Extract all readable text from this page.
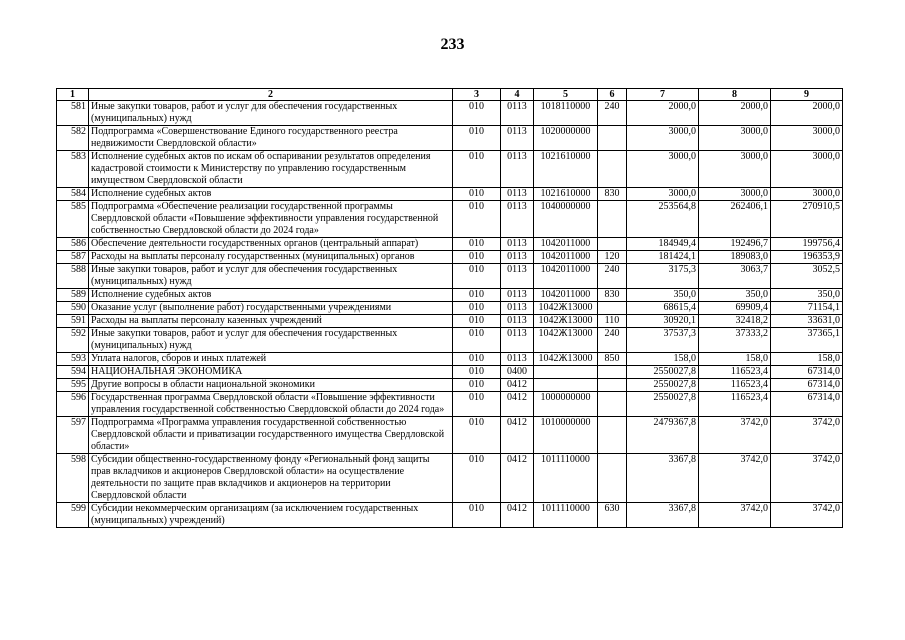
233
1	2	3	4	5	6	7	8	9
581	Иные закупки товаров, работ и услуг для обеспечения государственных (муниципальных) нужд	010	0113	1018110000	240	2000,0	2000,0	2000,0
582	Подпрограмма «Совершенствование Единого государственного реестра недвижимости Свердловской области»	010	0113	1020000000		3000,0	3000,0	3000,0
583	Исполнение судебных актов по искам об оспаривании результатов определения кадастровой стоимости к Министерству по управлению государственным имуществом Свердловской области	010	0113	1021610000		3000,0	3000,0	3000,0
584	Исполнение судебных актов	010	0113	1021610000	830	3000,0	3000,0	3000,0
585	Подпрограмма «Обеспечение реализации государственной программы Свердловской области «Повышение эффективности управления государственной собственностью Свердловской области до 2024 года»	010	0113	1040000000		253564,8	262406,1	270910,5
586	Обеспечение деятельности государственных органов (центральный аппарат)	010	0113	1042011000		184949,4	192496,7	199756,4
587	Расходы на выплаты персоналу государственных (муниципальных) органов	010	0113	1042011000	120	181424,1	189083,0	196353,9
588	Иные закупки товаров, работ и услуг для обеспечения государственных (муниципальных) нужд	010	0113	1042011000	240	3175,3	3063,7	3052,5
589	Исполнение судебных актов	010	0113	1042011000	830	350,0	350,0	350,0
590	Оказание услуг (выполнение работ) государственными учреждениями	010	0113	1042Ж13000		68615,4	69909,4	71154,1
591	Расходы на выплаты персоналу казенных учреждений	010	0113	1042Ж13000	110	30920,1	32418,2	33631,0
592	Иные закупки товаров, работ и услуг для обеспечения государственных (муниципальных) нужд	010	0113	1042Ж13000	240	37537,3	37333,2	37365,1
593	Уплата налогов, сборов и иных платежей	010	0113	1042Ж13000	850	158,0	158,0	158,0
594	НАЦИОНАЛЬНАЯ ЭКОНОМИКА	010	0400			2550027,8	116523,4	67314,0
595	Другие вопросы в области национальной экономики	010	0412			2550027,8	116523,4	67314,0
596	Государственная программа Свердловской области «Повышение эффективности управления государственной собственностью Свердловской области до 2024 года»	010	0412	1000000000		2550027,8	116523,4	67314,0
597	Подпрограмма «Программа управления государственной собственностью Свердловской области и приватизации государственного имущества Свердловской области»	010	0412	1010000000		2479367,8	3742,0	3742,0
598	Субсидии общественно-государственному фонду «Региональный фонд защиты прав вкладчиков и акционеров Свердловской области» на осуществление деятельности по защите прав вкладчиков и акционеров на территории Свердловской области	010	0412	1011110000		3367,8	3742,0	3742,0
599	Субсидии некоммерческим организациям (за исключением государственных (муниципальных) учреждений)	010	0412	1011110000	630	3367,8	3742,0	3742,0
